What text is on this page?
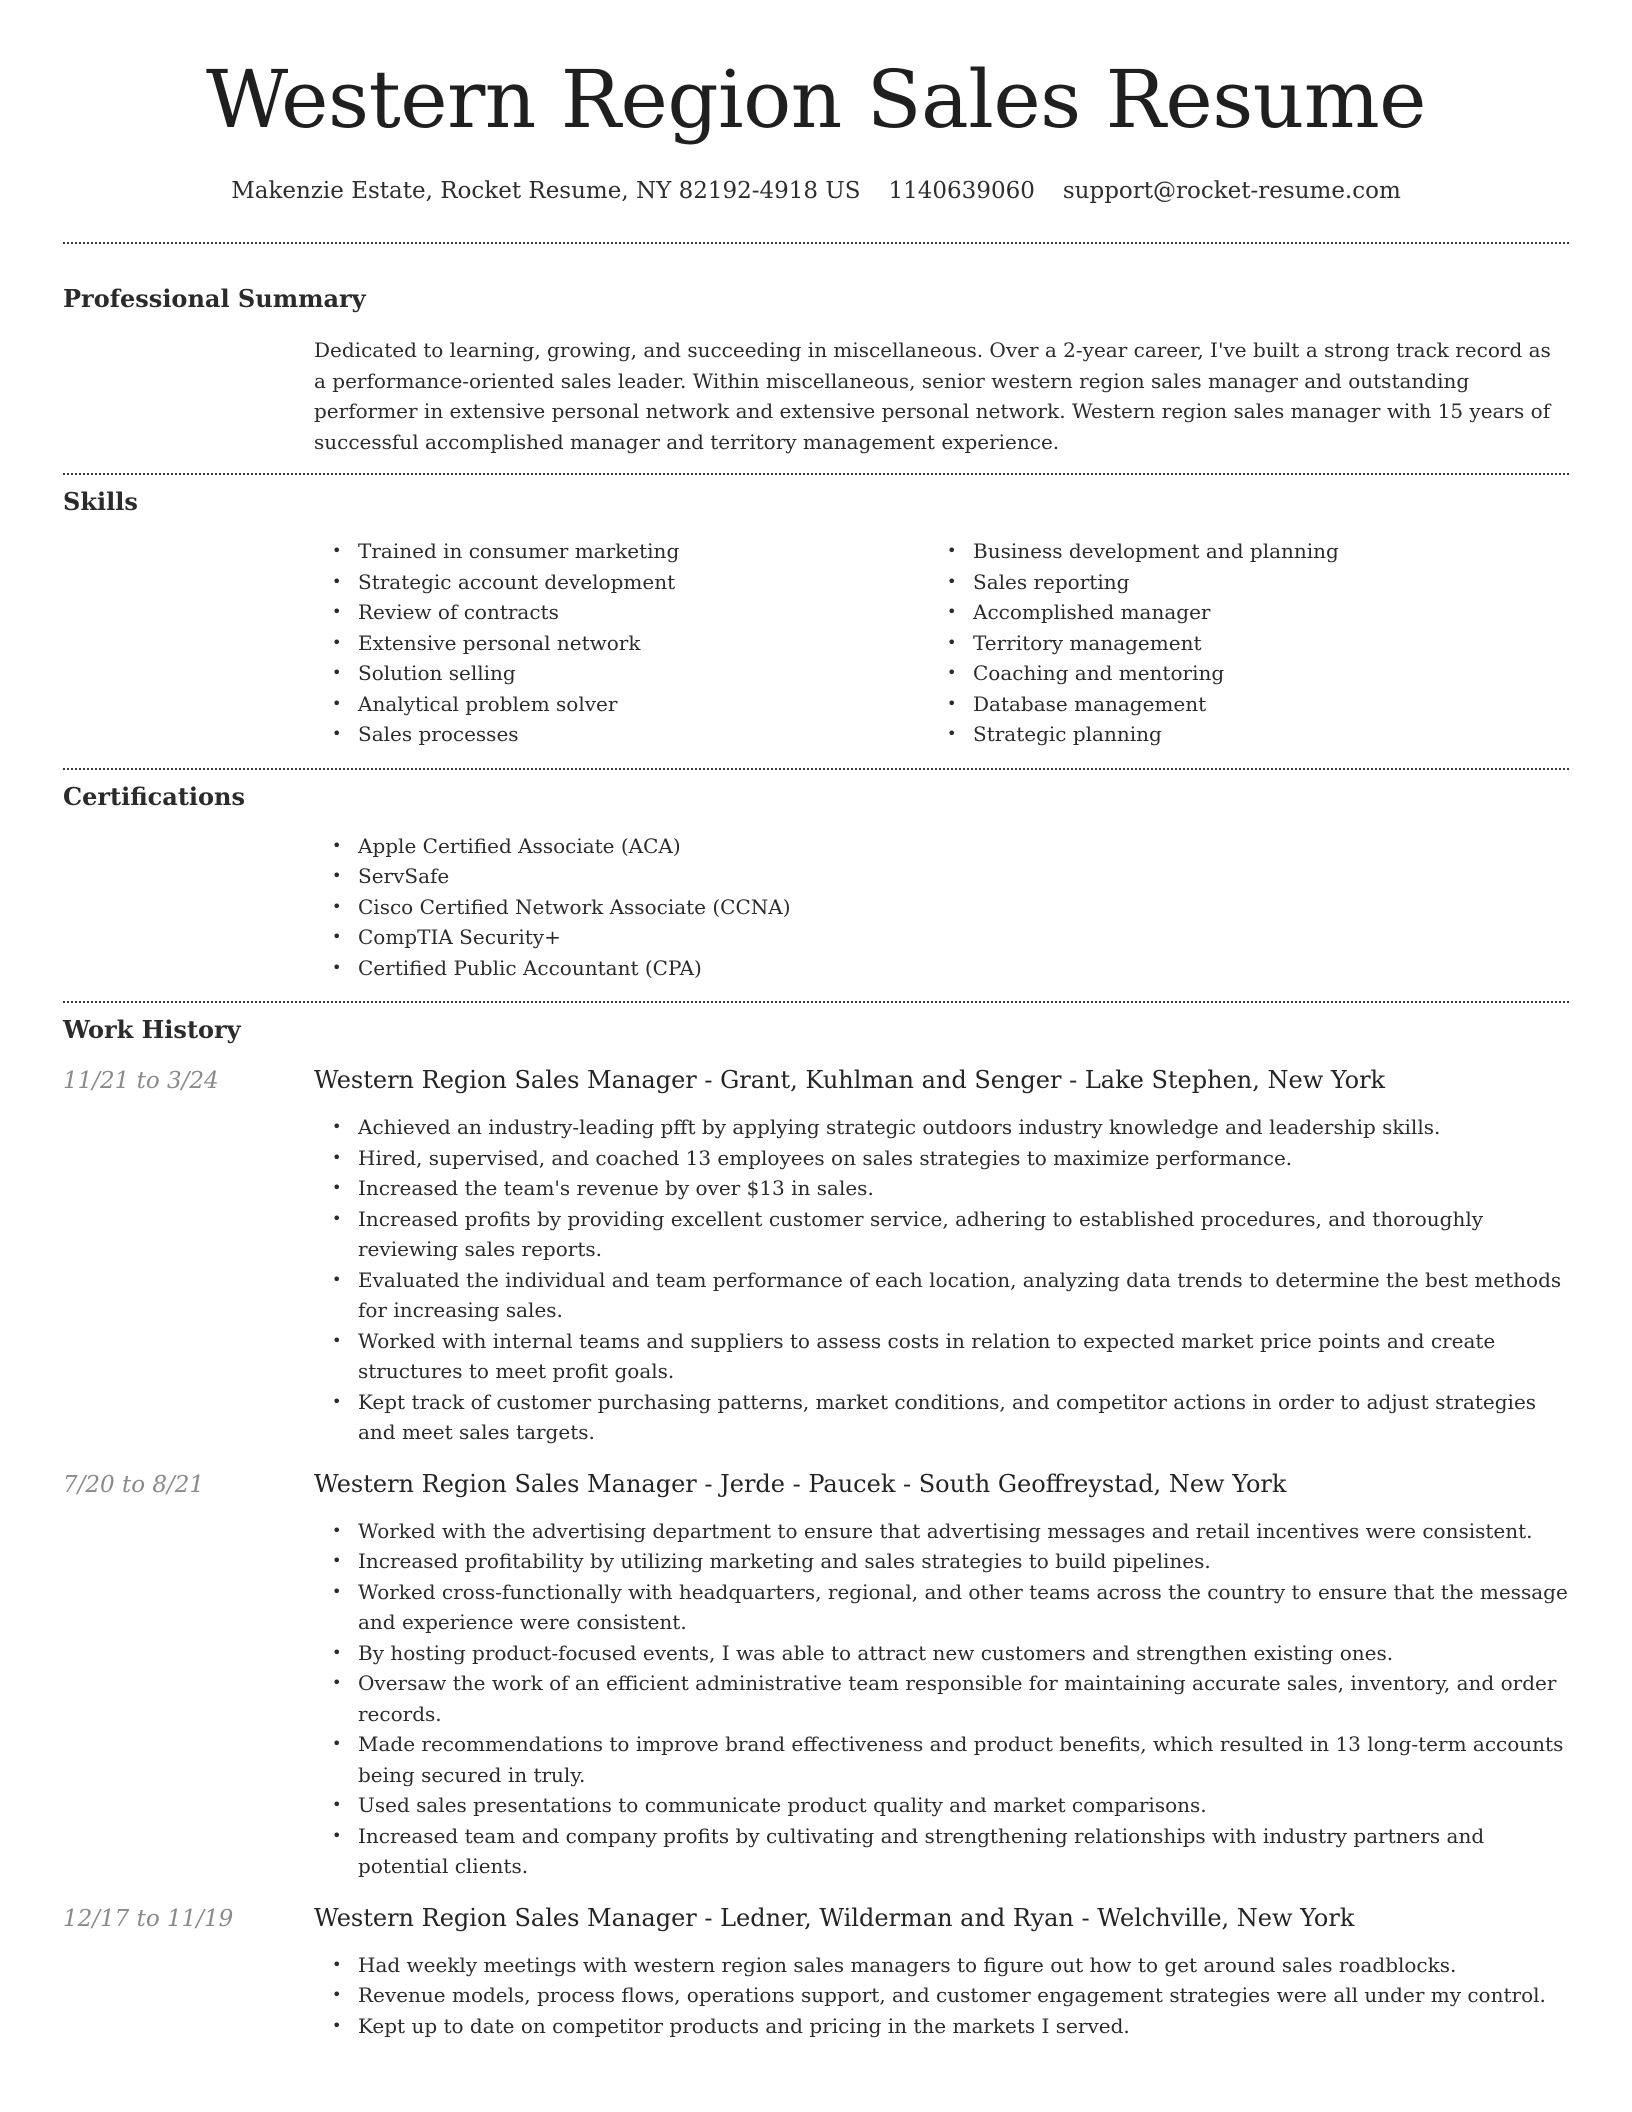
Western Region Sales Resume
Makenzie Estate, Rocket Resume, NY 82192-4918 US 1140639060 support@rocket-resume.com
Professional Summary

Dedicated to learning, growing, and succeeding in miscellaneous. Over a 2-year career, I've built a strong track record as a performance-oriented sales leader. Within miscellaneous, senior western region sales manager and outstanding performer in extensive personal network and extensive personal network. Western region sales manager with 15 years of successful accomplished manager and territory management experience.

Skills
• Trained in consumer marketing
• Strategic account development
• Review of contracts
• Extensive personal network
• Solution selling
• Analytical problem solver
• Sales processes
• Business development and planning
• Sales reporting
• Accomplished manager
• Territory management
• Coaching and mentoring
• Database management
• Strategic planning
Certifications
• Apple Certified Associate (ACA)
• ServSafe
• Cisco Certified Network Associate (CCNA)
• CompTIA Security+
• Certified Public Accountant (CPA)
Work History
11/21 to 3/24	Western Region Sales Manager - Grant, Kuhlman and Senger - Lake Stephen, New York
• Achieved an industry-leading pfft by applying strategic outdoors industry knowledge and leadership skills.
• Hired, supervised, and coached 13 employees on sales strategies to maximize performance.
• Increased the team's revenue by over $13 in sales.
• Increased profits by providing excellent customer service, adhering to established procedures, and thoroughly reviewing sales reports.
• Evaluated the individual and team performance of each location, analyzing data trends to determine the best methods for increasing sales.
• Worked with internal teams and suppliers to assess costs in relation to expected market price points and create structures to meet profit goals.
• Kept track of customer purchasing patterns, market conditions, and competitor actions in order to adjust strategies and meet sales targets.
7/20 to 8/21	Western Region Sales Manager - Jerde - Paucek - South Geoffreystad, New York
• Worked with the advertising department to ensure that advertising messages and retail incentives were consistent.
• Increased profitability by utilizing marketing and sales strategies to build pipelines.
• Worked cross-functionally with headquarters, regional, and other teams across the country to ensure that the message and experience were consistent.
• By hosting product-focused events, I was able to attract new customers and strengthen existing ones.
• Oversaw the work of an efficient administrative team responsible for maintaining accurate sales, inventory, and order records.
• Made recommendations to improve brand effectiveness and product benefits, which resulted in 13 long-term accounts being secured in truly.
• Used sales presentations to communicate product quality and market comparisons.
• Increased team and company profits by cultivating and strengthening relationships with industry partners and potential clients.
12/17 to 11/19	Western Region Sales Manager - Ledner, Wilderman and Ryan - Welchville, New York
• Had weekly meetings with western region sales managers to figure out how to get around sales roadblocks.
• Revenue models, process flows, operations support, and customer engagement strategies were all under my control.
• Kept up to date on competitor products and pricing in the markets I served.
